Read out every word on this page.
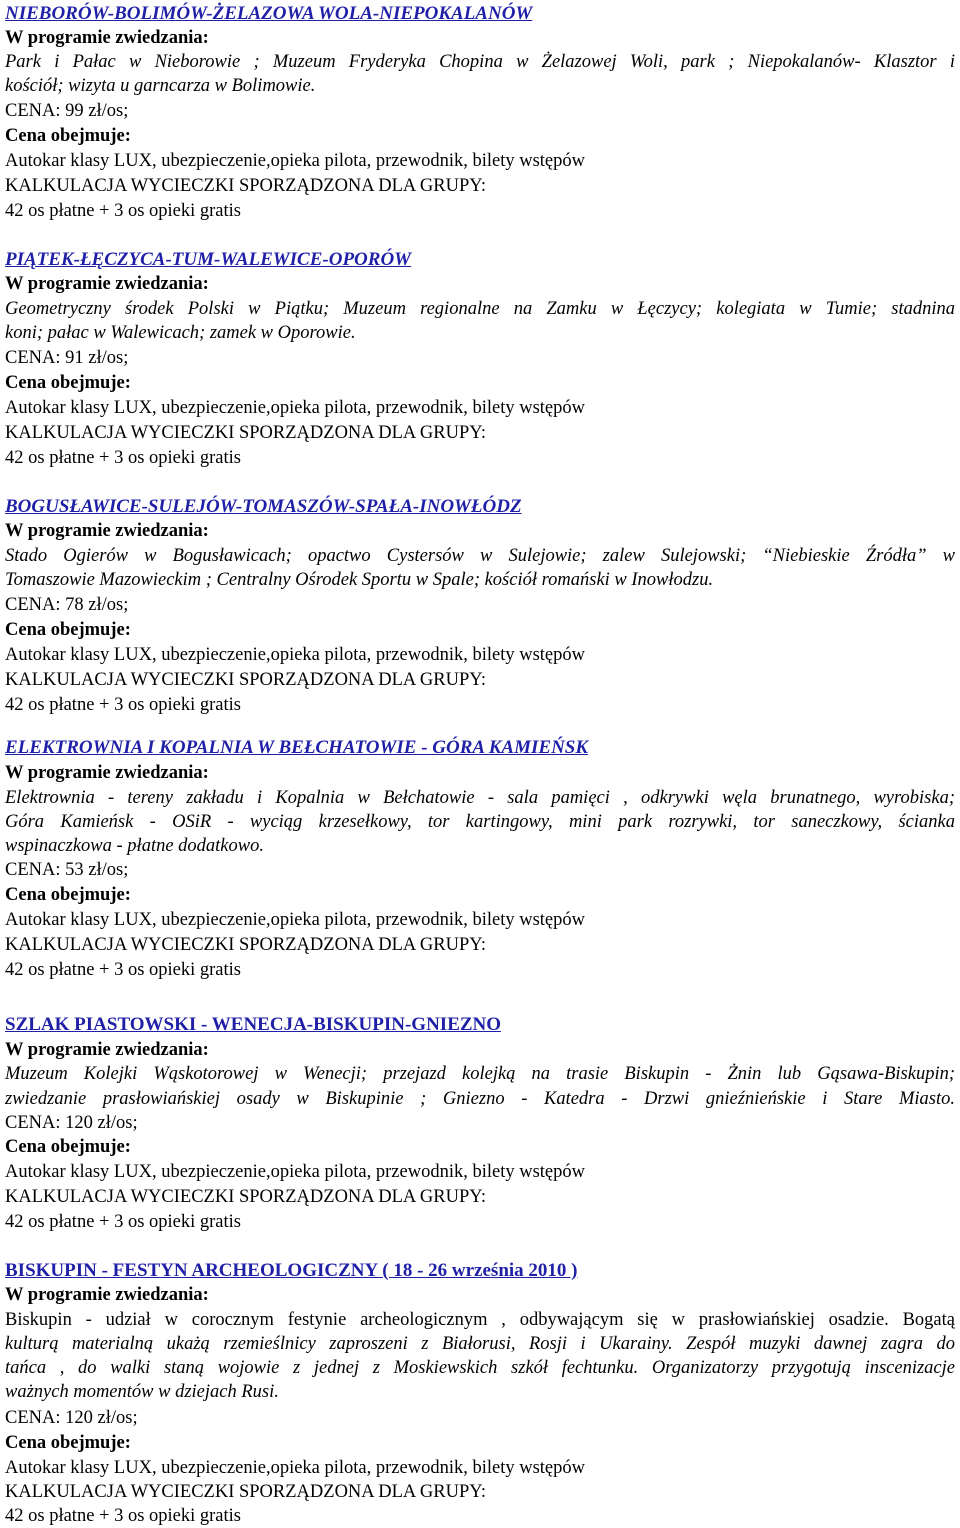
NIEBORÓW-BOLIMÓW-ŻELAZOWA WOLA-NIEPOKALANÓW
W programie zwiedzania:
Park i Pałac w Nieborowie ; Muzeum Fryderyka Chopina w Żelazowej Woli, park ; Niepokalanów- Klasztor i
kościół; wizyta u garncarza w Bolimowie.
CENA: 99 zł/os;
Cena obejmuje:
Autokar klasy LUX, ubezpieczenie,opieka pilota, przewodnik, bilety wstępów
KALKULACJA WYCIECZKI SPORZĄDZONA DLA GRUPY:
42 os płatne + 3 os opieki gratis
PIĄTEK-ŁĘCZYCA-TUM-WALEWICE-OPORÓW
W programie zwiedzania:
Geometryczny środek Polski w Piątku; Muzeum regionalne na Zamku w Łęczycy; kolegiata w Tumie; stadnina
koni; pałac w Walewicach; zamek w Oporowie.
CENA: 91 zł/os;
Cena obejmuje:
Autokar klasy LUX, ubezpieczenie,opieka pilota, przewodnik, bilety wstępów
KALKULACJA WYCIECZKI SPORZĄDZONA DLA GRUPY:
42 os płatne + 3 os opieki gratis
BOGUSŁAWICE-SULEJÓW-TOMASZÓW-SPAŁA-INOWŁÓDZ
W programie zwiedzania:
Stado Ogierów w Bogusławicach; opactwo Cystersów w Sulejowie; zalew Sulejowski; “Niebieskie Źródła” w
Tomaszowie Mazowieckim ; Centralny Ośrodek Sportu w Spale; kościół romański w Inowłodzu.
CENA: 78 zł/os;
Cena obejmuje:
Autokar klasy LUX, ubezpieczenie,opieka pilota, przewodnik, bilety wstępów
KALKULACJA WYCIECZKI SPORZĄDZONA DLA GRUPY:
42 os płatne + 3 os opieki gratis
ELEKTROWNIA I KOPALNIA W BEŁCHATOWIE - GÓRA KAMIEŃSK
W programie zwiedzania:
Elektrownia - tereny zakładu i Kopalnia w Bełchatowie - sala pamięci , odkrywki węla brunatnego, wyrobiska;
Góra Kamieńsk - OSiR - wyciąg krzesełkowy, tor kartingowy, mini park rozrywki, tor saneczkowy, ścianka
wspinaczkowa - płatne dodatkowo.
CENA: 53 zł/os;
Cena obejmuje:
Autokar klasy LUX, ubezpieczenie,opieka pilota, przewodnik, bilety wstępów
KALKULACJA WYCIECZKI SPORZĄDZONA DLA GRUPY:
42 os płatne + 3 os opieki gratis
SZLAK PIASTOWSKI - WENECJA-BISKUPIN-GNIEZNO
W programie zwiedzania:
Muzeum Kolejki Wąskotorowej w Wenecji; przejazd kolejką na trasie Biskupin - Żnin lub Gąsawa-Biskupin;
zwiedzanie prasłowiańskiej osady w Biskupinie ; Gniezno - Katedra - Drzwi gnieźnieńskie i Stare Miasto.
CENA: 120 zł/os;
Cena obejmuje:
Autokar klasy LUX, ubezpieczenie,opieka pilota, przewodnik, bilety wstępów
KALKULACJA WYCIECZKI SPORZĄDZONA DLA GRUPY:
42 os płatne + 3 os opieki gratis
BISKUPIN - FESTYN ARCHEOLOGICZNY ( 18 - 26 września 2010 )
W programie zwiedzania:
Biskupin - udział w corocznym festynie archeologicznym , odbywającym się w prasłowiańskiej osadzie. Bogatą
kulturą materialną ukażą rzemieślnicy zaproszeni z Białorusi, Rosji i Ukarainy. Zespół muzyki dawnej zagra do
tańca , do walki staną wojowie z jednej z Moskiewskich szkół fechtunku. Organizatorzy przygotują inscenizacje
ważnych momentów w dziejach Rusi.
CENA: 120 zł/os;
Cena obejmuje:
Autokar klasy LUX, ubezpieczenie,opieka pilota, przewodnik, bilety wstępów
KALKULACJA WYCIECZKI SPORZĄDZONA DLA GRUPY:
42 os płatne + 3 os opieki gratis
